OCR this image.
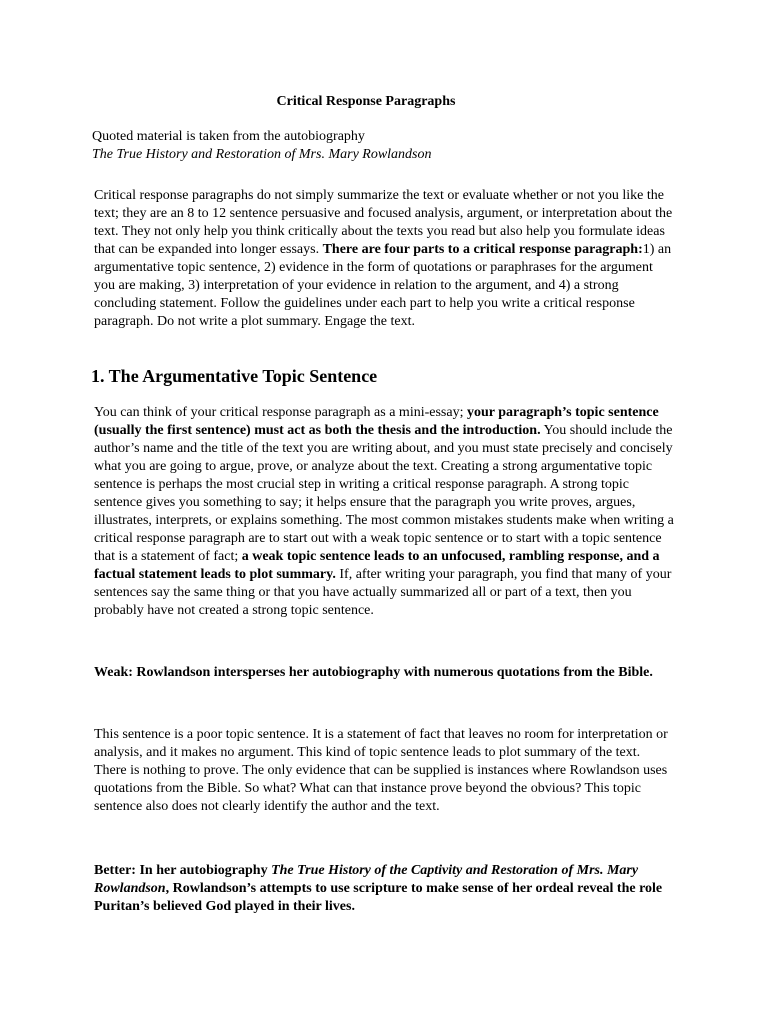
Critical Response Paragraphs
Quoted material is taken from the autobiography
The True History and Restoration of Mrs. Mary Rowlandson

Critical response paragraphs do not simply summarize the text or evaluate whether or not you like the text; they are an 8 to 12 sentence persuasive and focused analysis, argument, or interpretation about the text. They not only help you think critically about the texts you read but also help you formulate ideas that can be expanded into longer essays. There are four parts to a critical response paragraph:1) an argumentative topic sentence, 2) evidence in the form of quotations or paraphrases for the argument you are making, 3) interpretation of your evidence in relation to the argument, and 4) a strong concluding statement. Follow the guidelines under each part to help you write a critical response paragraph. Do not write a plot summary. Engage the text.

1. The Argumentative Topic Sentence

You can think of your critical response paragraph as a mini-essay; your paragraph’s topic sentence (usually the first sentence) must act as both the thesis and the introduction. You should include the author’s name and the title of the text you are writing about, and you must state precisely and concisely what you are going to argue, prove, or analyze about the text. Creating a strong argumentative topic sentence is perhaps the most crucial step in writing a critical response paragraph. A strong topic sentence gives you something to say; it helps ensure that the paragraph you write proves, argues, illustrates, interprets, or explains something. The most common mistakes students make when writing a critical response paragraph are to start out with a weak topic sentence or to start with a topic sentence that is a statement of fact; a weak topic sentence leads to an unfocused, rambling response, and a factual statement leads to plot summary. If, after writing your paragraph, you find that many of your sentences say the same thing or that you have actually summarized all or part of a text, then you probably have not created a strong topic sentence.

Weak: Rowlandson intersperses her autobiography with numerous quotations from the Bible.

This sentence is a poor topic sentence. It is a statement of fact that leaves no room for interpretation or analysis, and it makes no argument. This kind of topic sentence leads to plot summary of the text. There is nothing to prove. The only evidence that can be supplied is instances where Rowlandson uses quotations from the Bible. So what? What can that instance prove beyond the obvious? This topic sentence also does not clearly identify the author and the text.

Better: In her autobiography The True History of the Captivity and Restoration of Mrs. Mary Rowlandson, Rowlandson’s attempts to use scripture to make sense of her ordeal reveal the role Puritan’s believed God played in their lives.
